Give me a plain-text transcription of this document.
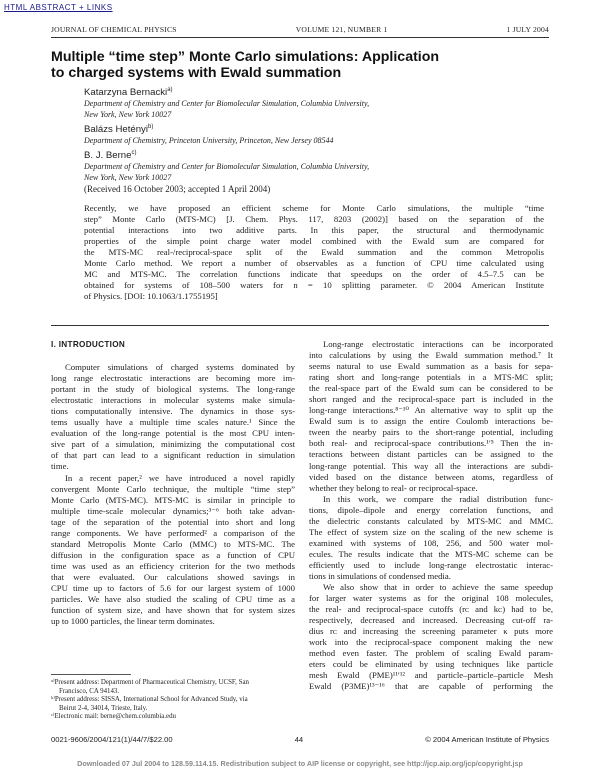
HTML ABSTRACT + LINKS
JOURNAL OF CHEMICAL PHYSICS	VOLUME 121, NUMBER 1	1 JULY 2004
Multiple “time step” Monte Carlo simulations: Application
to charged systems with Ewald summation
Katarzyna Bernacki$^{a)}$
Department of Chemistry and Center for Biomolecular Simulation, Columbia University,
New York, New York 10027
Balázs Hetényi$^{b)}$
Department of Chemistry, Princeton University, Princeton, New Jersey 08544
B. J. Berne$^{c)}$
Department of Chemistry and Center for Biomolecular Simulation, Columbia University,
New York, New York 10027
(Received 16 October 2003; accepted 1 April 2004)
Recently, we have proposed an efficient scheme for Monte Carlo simulations, the multiple “time
step” Monte Carlo (MTS-MC) [J. Chem. Phys. 117, 8203 (2002)] based on the separation of the
potential interactions into two additive parts. In this paper, the structural and thermodynamic
properties of the simple point charge water model combined with the Ewald sum are compared for
the MTS-MC real-/reciprocal-space split of the Ewald summation and the common Metropolis
Monte Carlo method. We report a number of observables as a function of CPU time calculated using
MC and MTS-MC. The correlation functions indicate that speedups on the order of 4.5–7.5 can be
obtained for systems of 108–500 waters for n = 10 splitting parameter. © 2004 American Institute
of Physics. [DOI: 10.1063/1.1755195]
I. INTRODUCTION
Computer simulations of charged systems dominated by
long range electrostatic interactions are becoming more im-
portant in the study of biological systems. The long-range
electrostatic interactions in molecular systems make simula-
tions computationally intensive. The dynamics in those sys-
tems usually have a multiple time scales nature.¹ Since the
evaluation of the long-range potential is the most CPU inten-
sive part of a simulation, minimizing the computational cost
of that part can lead to a significant reduction in simulation
time.
In a recent paper,² we have introduced a novel rapidly
convergent Monte Carlo technique, the multiple “time step”
Monte Carlo (MTS-MC). MTS-MC is similar in principle to
multiple time-scale molecular dynamics;³⁻⁶ both take advan-
tage of the separation of the potential into short and long
range components. We have performed² a comparison of the
standard Metropolis Monte Carlo (MMC) to MTS-MC. The
diffusion in the configuration space as a function of CPU
time was used as an efficiency criterion for the two methods
that were evaluated. Our calculations showed savings in
CPU time up to factors of 5.6 for our largest system of 1000
particles. We have also studied the scaling of CPU time as a
function of system size, and have shown that for system sizes
up to 1000 particles, the linear term dominates.
Long-range electrostatic interactions can be incorporated
into calculations by using the Ewald summation method.⁷ It
seems natural to use Ewald summation as a basis for sepa-
rating short and long-range potentials in a MTS-MC split;
the real-space part of the Ewald sum can be considered to be
short ranged and the reciprocal-space part is included in the
long-range interactions.⁸⁻¹⁰ An alternative way to split up the
Ewald sum is to assign the entire Coulomb interactions be-
tween the nearby pairs to the short-range potential, including
both real- and reciprocal-space contributions.¹ʹ⁵ Then the in-
teractions between distant particles can be assigned to the
long-range potential. This way all the interactions are subdi-
vided based on the distance between atoms, regardless of
whether they belong to real- or reciprocal-space.
In this work, we compare the radial distribution func-
tions, dipole–dipole and energy correlation functions, and
the dielectric constants calculated by MTS-MC and MMC.
The effect of system size on the scaling of the new scheme is
examined with systems of 108, 256, and 500 water mol-
ecules. The results indicate that the MTS-MC scheme can be
efficiently used to include long-range electrostatic interac-
tions in simulations of condensed media.
We also show that in order to achieve the same speedup
for larger water systems as for the original 108 molecules,
the real- and reciprocal-space cutoffs (rᴄ and kᴄ) had to be,
respectively, decreased and increased. Decreasing cut-off ra-
dius rᴄ and increasing the screening parameter κ puts more
work into the reciprocal-space component making the new
method even faster. The problem of scaling Ewald param-
eters could be eliminated by using techniques like particle
mesh Ewald (PME)¹¹ʹ¹² and particle–particle–particle Mesh
Ewald (P3ME)¹³⁻¹⁶ that are capable of performing the
ᵃ⁾Present address: Department of Pharmaceutical Chemistry, UCSF, San
Francisco, CA 94143.
ᵇ⁾Present address: SISSA, International School for Advanced Study, via
Beirut 2-4, 34014, Trieste, Italy.
ᶜ⁾Electronic mail: berne@chem.columbia.edu
0021-9606/2004/121(1)/44/7/$22.00	44	© 2004 American Institute of Physics
Downloaded 07 Jul 2004 to 128.59.114.15. Redistribution subject to AIP license or copyright, see http://jcp.aip.org/jcp/copyright.jsp
